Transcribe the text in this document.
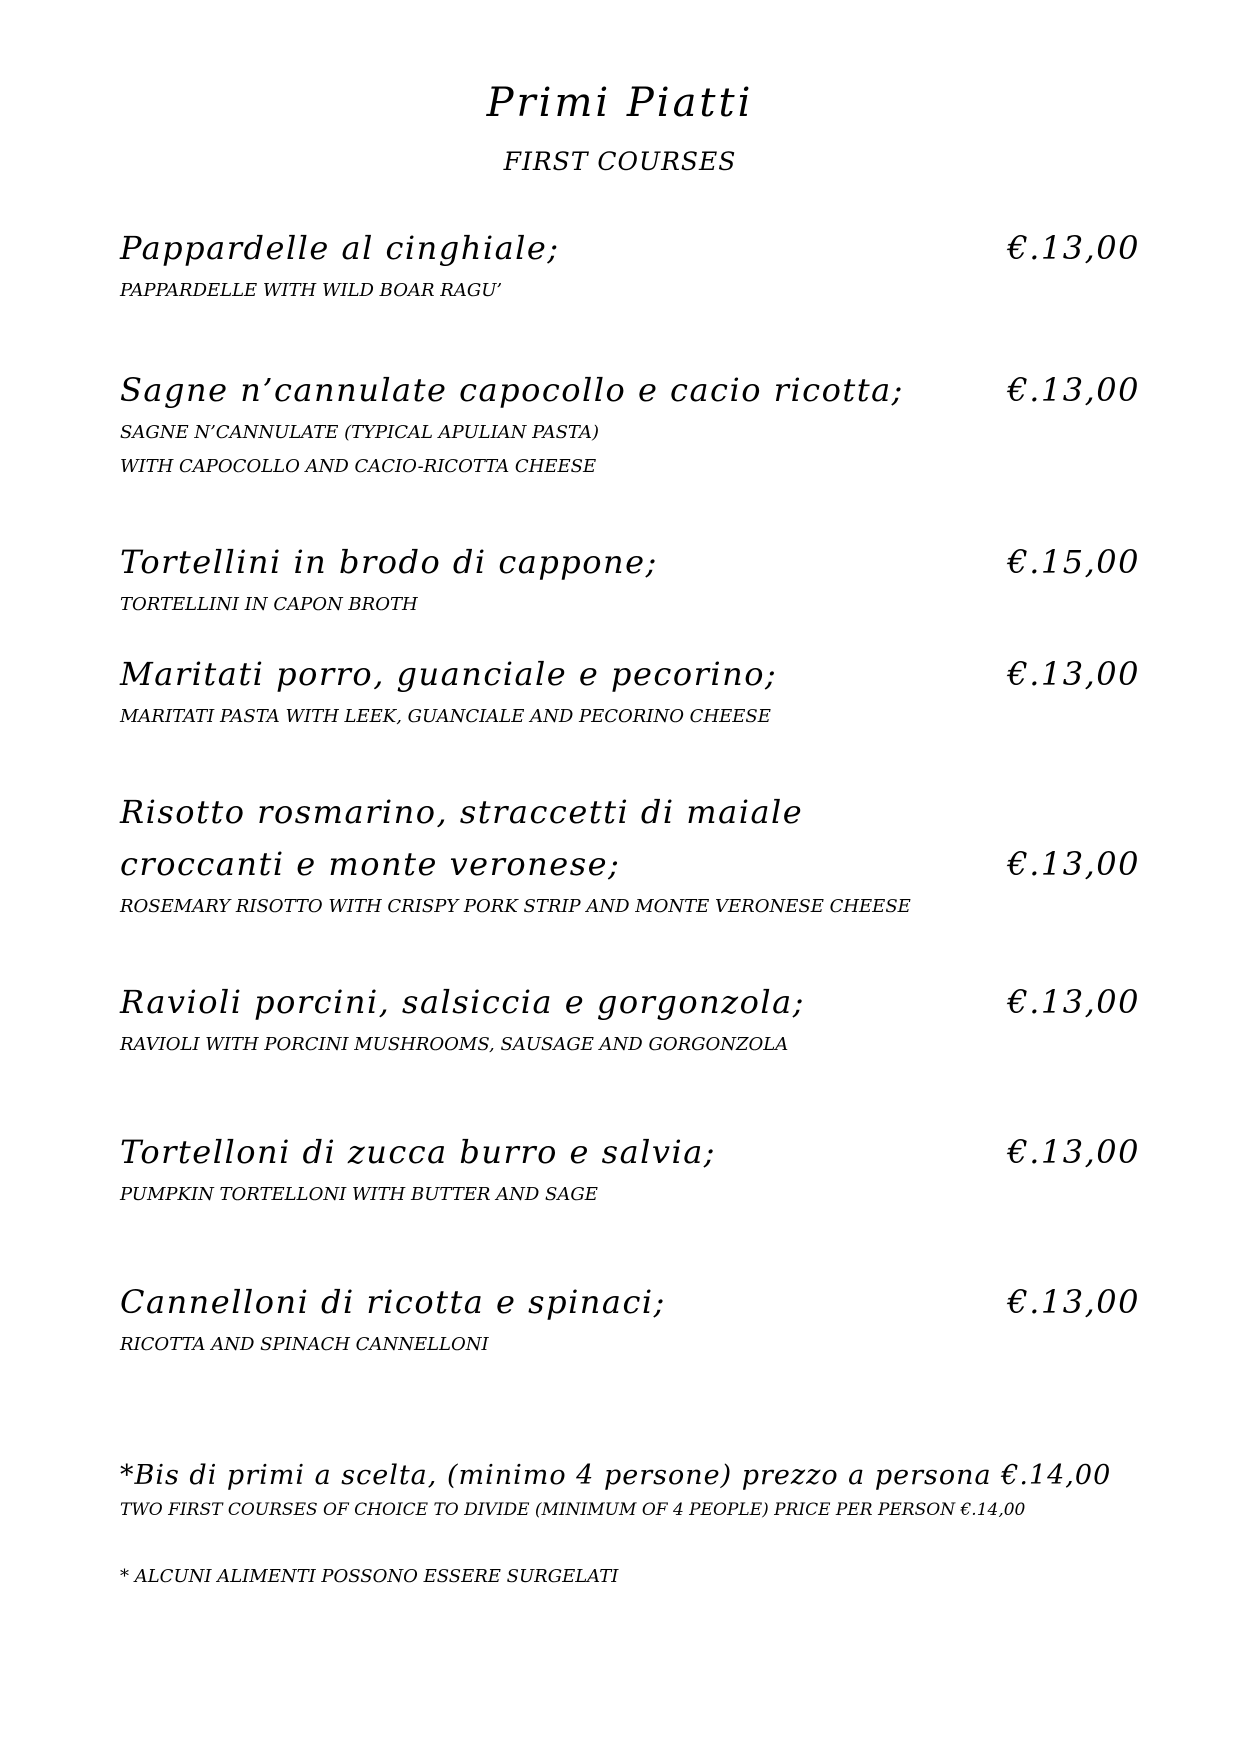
Primi Piatti
FIRST COURSES
€.13,00
Pappardelle al cinghiale;
PAPPARDELLE WITH WILD BOAR RAGU’
€.13,00
Sagne n’cannulate capocollo e cacio ricotta;
SAGNE N’CANNULATE (TYPICAL APULIAN PASTA)
WITH CAPOCOLLO AND CACIO-RICOTTA CHEESE
€.15,00
Tortellini in brodo di cappone;
TORTELLINI IN CAPON BROTH
€.13,00
Maritati porro, guanciale e pecorino;
MARITATI PASTA WITH LEEK, GUANCIALE AND PECORINO CHEESE
Risotto rosmarino, straccetti di maiale
croccanti e monte veronese;	€.13,00
ROSEMARY RISOTTO WITH CRISPY PORK STRIP AND MONTE VERONESE CHEESE
€.13,00
Ravioli porcini, salsiccia e gorgonzola;
RAVIOLI WITH PORCINI MUSHROOMS, SAUSAGE AND GORGONZOLA
€.13,00
Tortelloni di zucca burro e salvia;
PUMPKIN TORTELLONI WITH BUTTER AND SAGE
€.13,00
Cannelloni di ricotta e spinaci;
RICOTTA AND SPINACH CANNELLONI
*Bis di primi a scelta, (minimo 4 persone) prezzo a persona €.14,00
TWO FIRST COURSES OF CHOICE TO DIVIDE (MINIMUM OF 4 PEOPLE) PRICE PER PERSON €.14,00
* ALCUNI ALIMENTI POSSONO ESSERE SURGELATI
